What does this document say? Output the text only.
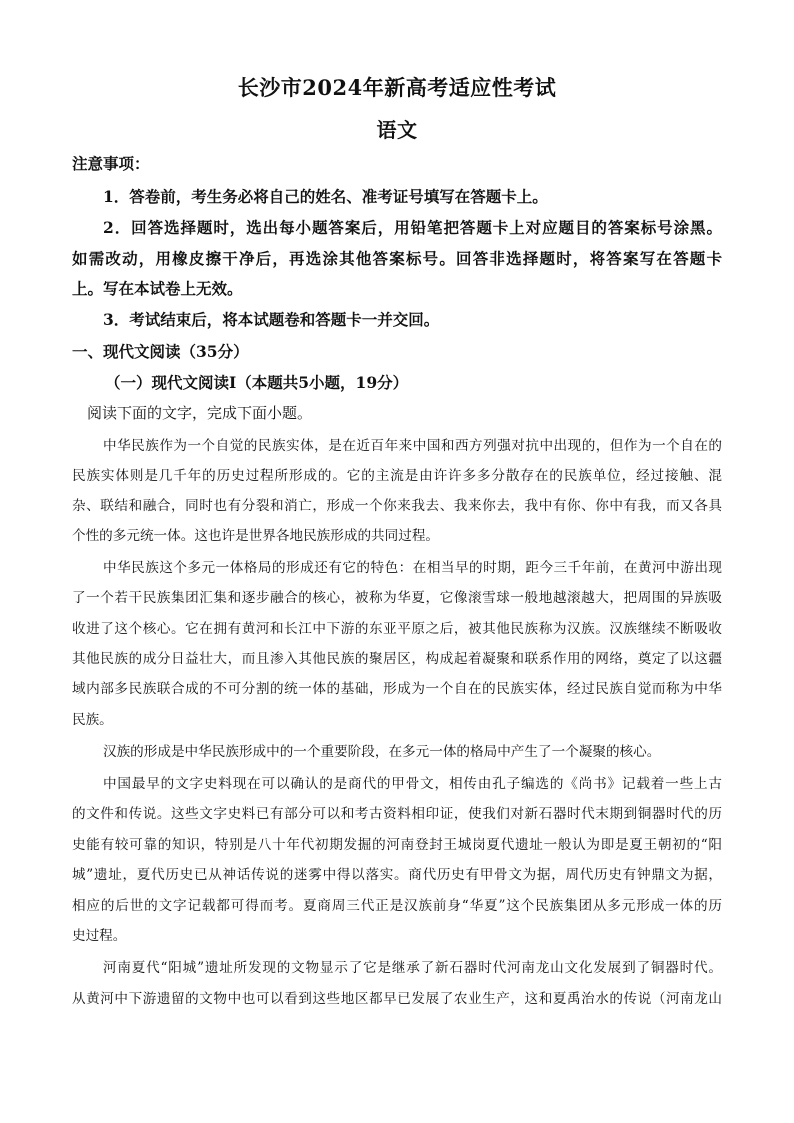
长沙市2024年新高考适应性考试
语文
注意事项：
1．答卷前，考生务必将自己的姓名、准考证号填写在答题卡上。
2．回答选择题时，选出每小题答案后，用铅笔把答题卡上对应题目的答案标号涂黑。
如需改动，用橡皮擦干净后，再选涂其他答案标号。回答非选择题时，将答案写在答题卡
上。写在本试卷上无效。
3．考试结束后，将本试题卷和答题卡一并交回。
一、现代文阅读（35分）
（一）现代文阅读Ⅰ（本题共5小题，19分）
阅读下面的文字，完成下面小题。
中华民族作为一个自觉的民族实体，是在近百年来中国和西方列强对抗中出现的，但作为一个自在的
民族实体则是几千年的历史过程所形成的。它的主流是由许许多多分散存在的民族单位，经过接触、混
杂、联结和融合，同时也有分裂和消亡，形成一个你来我去、我来你去，我中有你、你中有我，而又各具
个性的多元统一体。这也许是世界各地民族形成的共同过程。
中华民族这个多元一体格局的形成还有它的特色：在相当早的时期，距今三千年前，在黄河中游出现
了一个若干民族集团汇集和逐步融合的核心，被称为华夏，它像滚雪球一般地越滚越大，把周围的异族吸
收进了这个核心。它在拥有黄河和长江中下游的东亚平原之后，被其他民族称为汉族。汉族继续不断吸收
其他民族的成分日益壮大，而且渗入其他民族的聚居区，构成起着凝聚和联系作用的网络，奠定了以这疆
域内部多民族联合成的不可分割的统一体的基础，形成为一个自在的民族实体，经过民族自觉而称为中华
民族。
汉族的形成是中华民族形成中的一个重要阶段，在多元一体的格局中产生了一个凝聚的核心。
中国最早的文字史料现在可以确认的是商代的甲骨文，相传由孔子编选的《尚书》记载着一些上古
的文件和传说。这些文字史料已有部分可以和考古资料相印证，使我们对新石器时代末期到铜器时代的历
史能有较可靠的知识，特别是八十年代初期发掘的河南登封王城岗夏代遗址一般认为即是夏王朝初的“阳
城”遗址，夏代历史已从神话传说的迷雾中得以落实。商代历史有甲骨文为据，周代历史有钟鼎文为据，
相应的后世的文字记载都可得而考。夏商周三代正是汉族前身“华夏”这个民族集团从多元形成一体的历
史过程。
河南夏代“阳城”遗址所发现的文物显示了它是继承了新石器时代河南龙山文化发展到了铜器时代。
从黄河中下游遗留的文物中也可以看到这些地区都早已发展了农业生产，这和夏禹治水的传说（河南龙山
